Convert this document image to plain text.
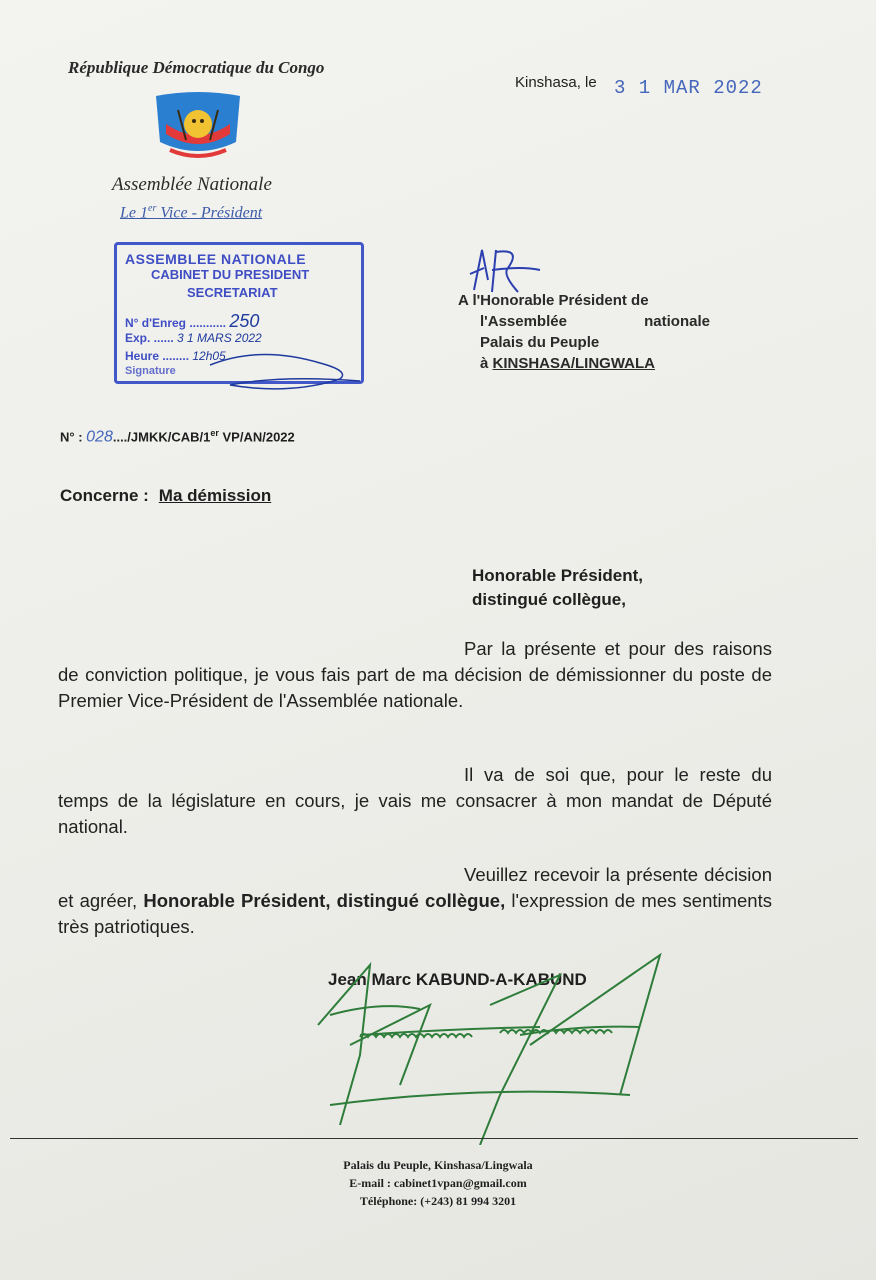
République Démocratique du Congo
Assemblée Nationale
Le 1er Vice - Président
Kinshasa, le 3 1 MAR 2022
ASSEMBLEE NATIONALE
CABINET DU PRESIDENT
SECRETARIAT
N° d'Enreg ........... 250
Exp. ...... 3 1 MARS 2022
Heure ........ 12h05
Signature
A l'Honorable Président de
l'Assemblée nationale
Palais du Peuple
à KINSHASA/LINGWALA
N° : 028..../JMKK/CAB/1er VP/AN/2022
Concerne : Ma démission
Honorable Président,
distingué collègue,

Par la présente et pour des raisons de conviction politique, je vous fais part de ma décision de démissionner du poste de Premier Vice-Président de l'Assemblée nationale.

Il va de soi que, pour le reste du temps de la législature en cours, je vais me consacrer à mon mandat de Député national.

Veuillez recevoir la présente décision et agréer, Honorable Président, distingué collègue, l'expression de mes sentiments très patriotiques.

Jean Marc KABUND-A-KABUND
Palais du Peuple, Kinshasa/Lingwala
E-mail : cabinet1vpan@gmail.com
Téléphone: (+243) 81 994 3201
